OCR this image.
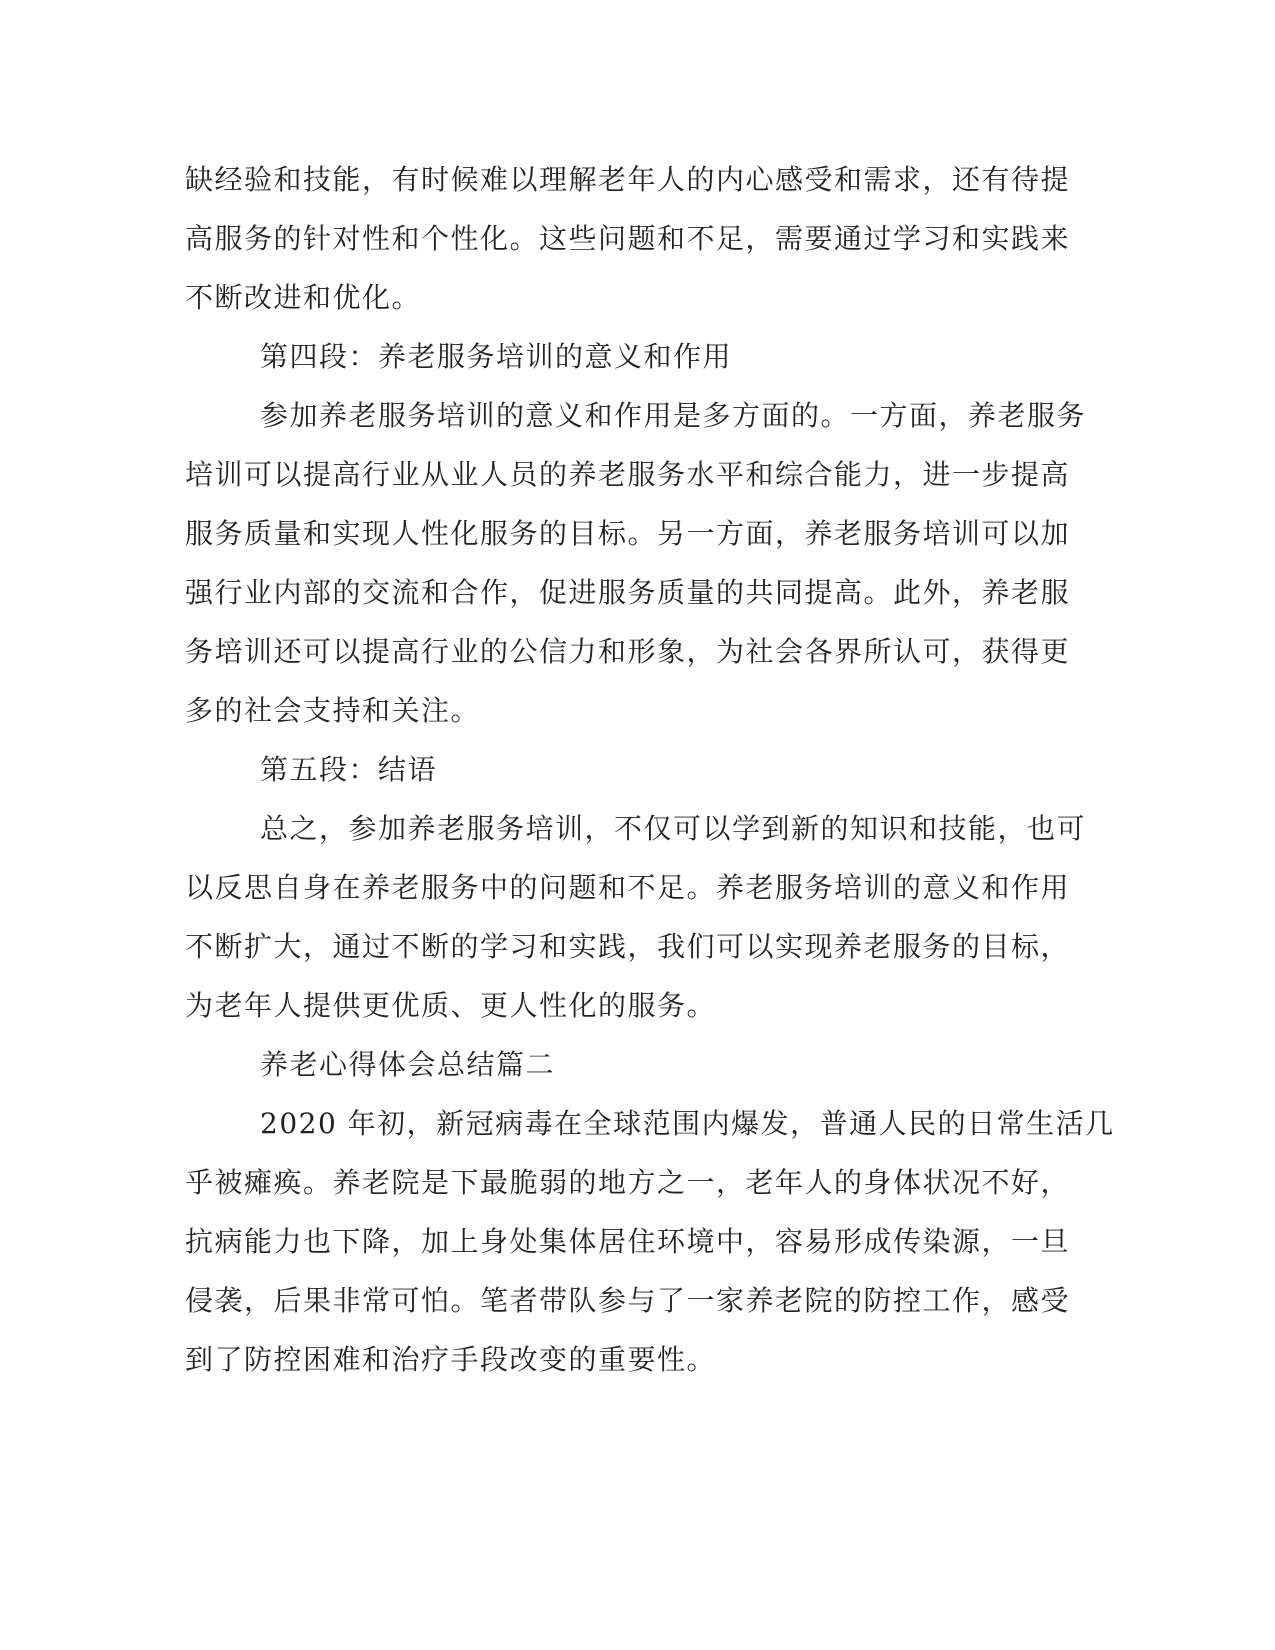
缺经验和技能，有时候难以理解老年人的内心感受和需求，还有待提

高服务的针对性和个性化。这些问题和不足，需要通过学习和实践来

不断改进和优化。

第四段：养老服务培训的意义和作用

参加养老服务培训的意义和作用是多方面的。一方面，养老服务

培训可以提高行业从业人员的养老服务水平和综合能力，进一步提高

服务质量和实现人性化服务的目标。另一方面，养老服务培训可以加

强行业内部的交流和合作，促进服务质量的共同提高。此外，养老服

务培训还可以提高行业的公信力和形象，为社会各界所认可，获得更

多的社会支持和关注。

第五段：结语

总之，参加养老服务培训，不仅可以学到新的知识和技能，也可

以反思自身在养老服务中的问题和不足。养老服务培训的意义和作用

不断扩大，通过不断的学习和实践，我们可以实现养老服务的目标，

为老年人提供更优质、更人性化的服务。

养老心得体会总结篇二

2020 年初，新冠病毒在全球范围内爆发，普通人民的日常生活几

乎被瘫痪。养老院是下最脆弱的地方之一，老年人的身体状况不好，

抗病能力也下降，加上身处集体居住环境中，容易形成传染源，一旦

侵袭，后果非常可怕。笔者带队参与了一家养老院的防控工作，感受

到了防控困难和治疗手段改变的重要性。
